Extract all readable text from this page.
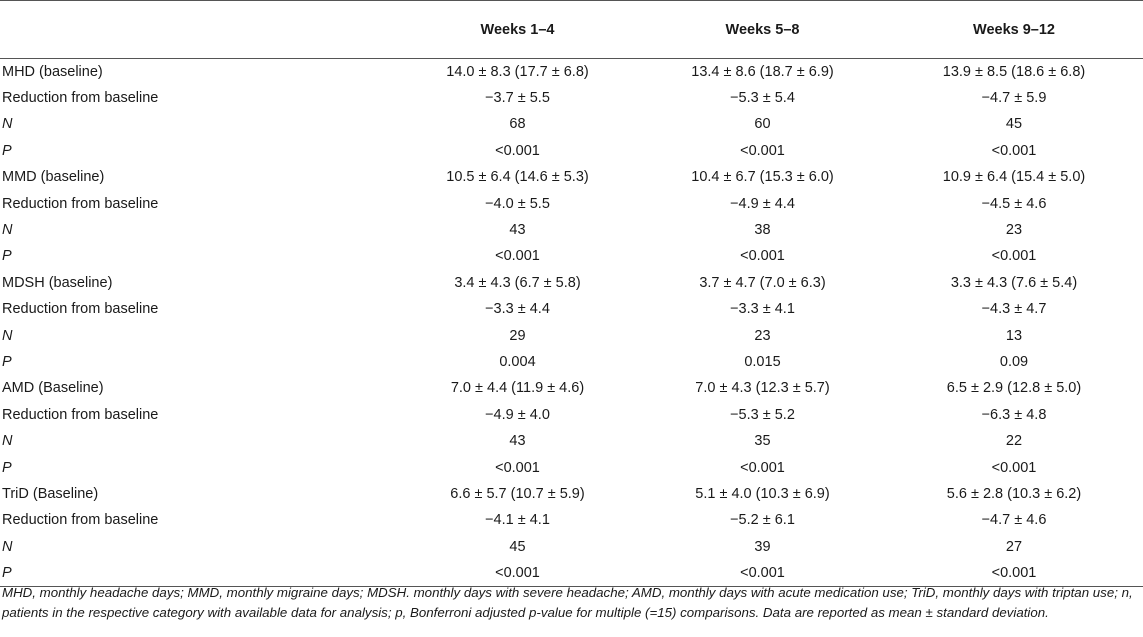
	Weeks 1–4	Weeks 5–8	Weeks 9–12
MHD (baseline)	14.0 ± 8.3 (17.7 ± 6.8)	13.4 ± 8.6 (18.7 ± 6.9)	13.9 ± 8.5 (18.6 ± 6.8)
Reduction from baseline	−3.7 ± 5.5	−5.3 ± 5.4	−4.7 ± 5.9
N	68	60	45
P	<0.001	<0.001	<0.001
MMD (baseline)	10.5 ± 6.4 (14.6 ± 5.3)	10.4 ± 6.7 (15.3 ± 6.0)	10.9 ± 6.4 (15.4 ± 5.0)
Reduction from baseline	−4.0 ± 5.5	−4.9 ± 4.4	−4.5 ± 4.6
N	43	38	23
P	<0.001	<0.001	<0.001
MDSH (baseline)	3.4 ± 4.3 (6.7 ± 5.8)	3.7 ± 4.7 (7.0 ± 6.3)	3.3 ± 4.3 (7.6 ± 5.4)
Reduction from baseline	−3.3 ± 4.4	−3.3 ± 4.1	−4.3 ± 4.7
N	29	23	13
P	0.004	0.015	0.09
AMD (Baseline)	7.0 ± 4.4 (11.9 ± 4.6)	7.0 ± 4.3 (12.3 ± 5.7)	6.5 ± 2.9 (12.8 ± 5.0)
Reduction from baseline	−4.9 ± 4.0	−5.3 ± 5.2	−6.3 ± 4.8
N	43	35	22
P	<0.001	<0.001	<0.001
TriD (Baseline)	6.6 ± 5.7 (10.7 ± 5.9)	5.1 ± 4.0 (10.3 ± 6.9)	5.6 ± 2.8 (10.3 ± 6.2)
Reduction from baseline	−4.1 ± 4.1	−5.2 ± 6.1	−4.7 ± 4.6
N	45	39	27
P	<0.001	<0.001	<0.001
MHD, monthly headache days; MMD, monthly migraine days; MDSH. monthly days with severe headache; AMD, monthly days with acute medication use; TriD, monthly days with triptan use; n, patients in the respective category with available data for analysis; p, Bonferroni adjusted p-value for multiple (=15) comparisons. Data are reported as mean ± standard deviation.
